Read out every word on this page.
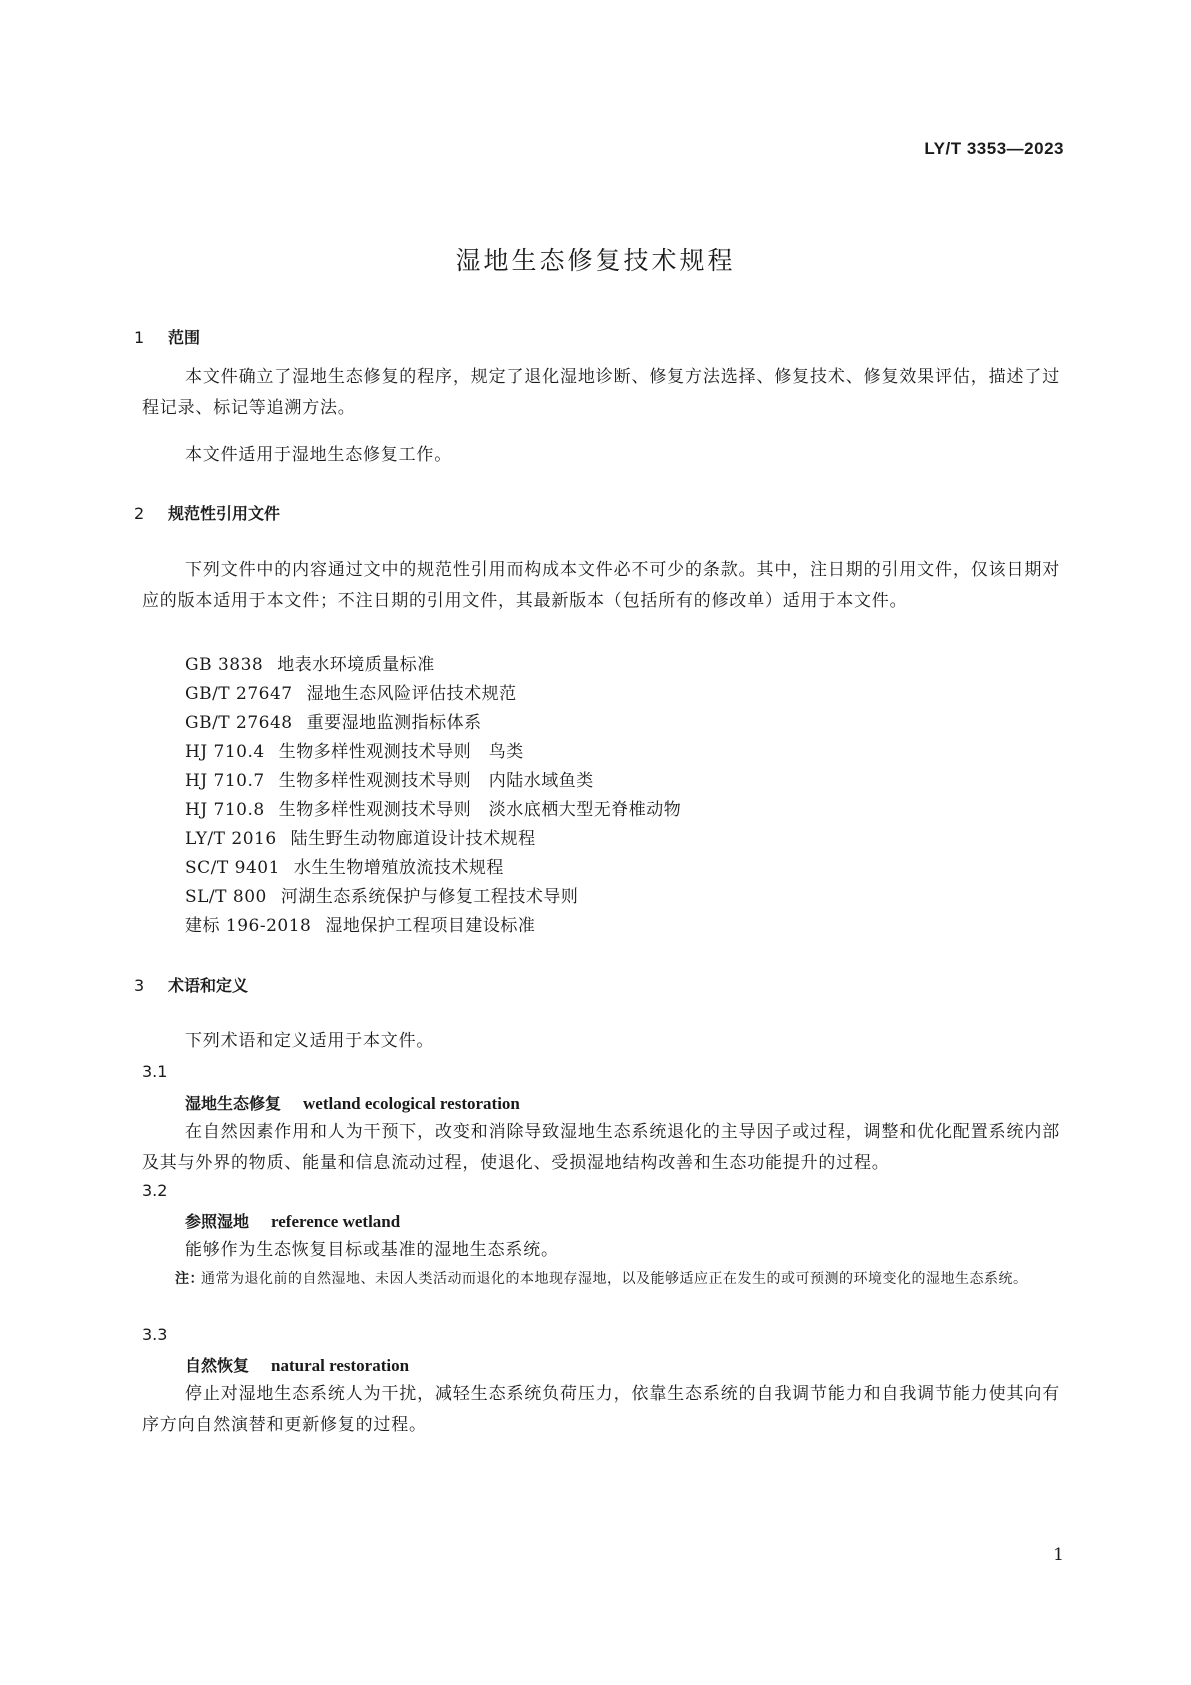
LY/T 3353—2023
湿地生态修复技术规程
1 范围

本文件确立了湿地生态修复的程序，规定了退化湿地诊断、修复方法选择、修复技术、修复效果评估，描述了过程记录、标记等追溯方法。

本文件适用于湿地生态修复工作。

2 规范性引用文件

下列文件中的内容通过文中的规范性引用而构成本文件必不可少的条款。其中，注日期的引用文件，仅该日期对应的版本适用于本文件；不注日期的引用文件，其最新版本（包括所有的修改单）适用于本文件。

GB 3838 地表水环境质量标准
GB/T 27647 湿地生态风险评估技术规范
GB/T 27648 重要湿地监测指标体系
HJ 710.4 生物多样性观测技术导则　鸟类
HJ 710.7 生物多样性观测技术导则　内陆水域鱼类
HJ 710.8 生物多样性观测技术导则　淡水底栖大型无脊椎动物
LY/T 2016 陆生野生动物廊道设计技术规程
SC/T 9401 水生生物增殖放流技术规程
SL/T 800 河湖生态系统保护与修复工程技术导则
建标 196-2018 湿地保护工程项目建设标准
3 术语和定义

下列术语和定义适用于本文件。

3.1
湿地生态修复 wetland ecological restoration

在自然因素作用和人为干预下，改变和消除导致湿地生态系统退化的主导因子或过程，调整和优化配置系统内部及其与外界的物质、能量和信息流动过程，使退化、受损湿地结构改善和生态功能提升的过程。

3.2
参照湿地 reference wetland

能够作为生态恢复目标或基准的湿地生态系统。

注：
通常为退化前的自然湿地、未因人类活动而退化的本地现存湿地，以及能够适应正在发生的或可预测的环境变化的湿地生态系统。
3.3
自然恢复 natural restoration

停止对湿地生态系统人为干扰，减轻生态系统负荷压力，依靠生态系统的自我调节能力和自我调节能力使其向有序方向自然演替和更新修复的过程。

1
